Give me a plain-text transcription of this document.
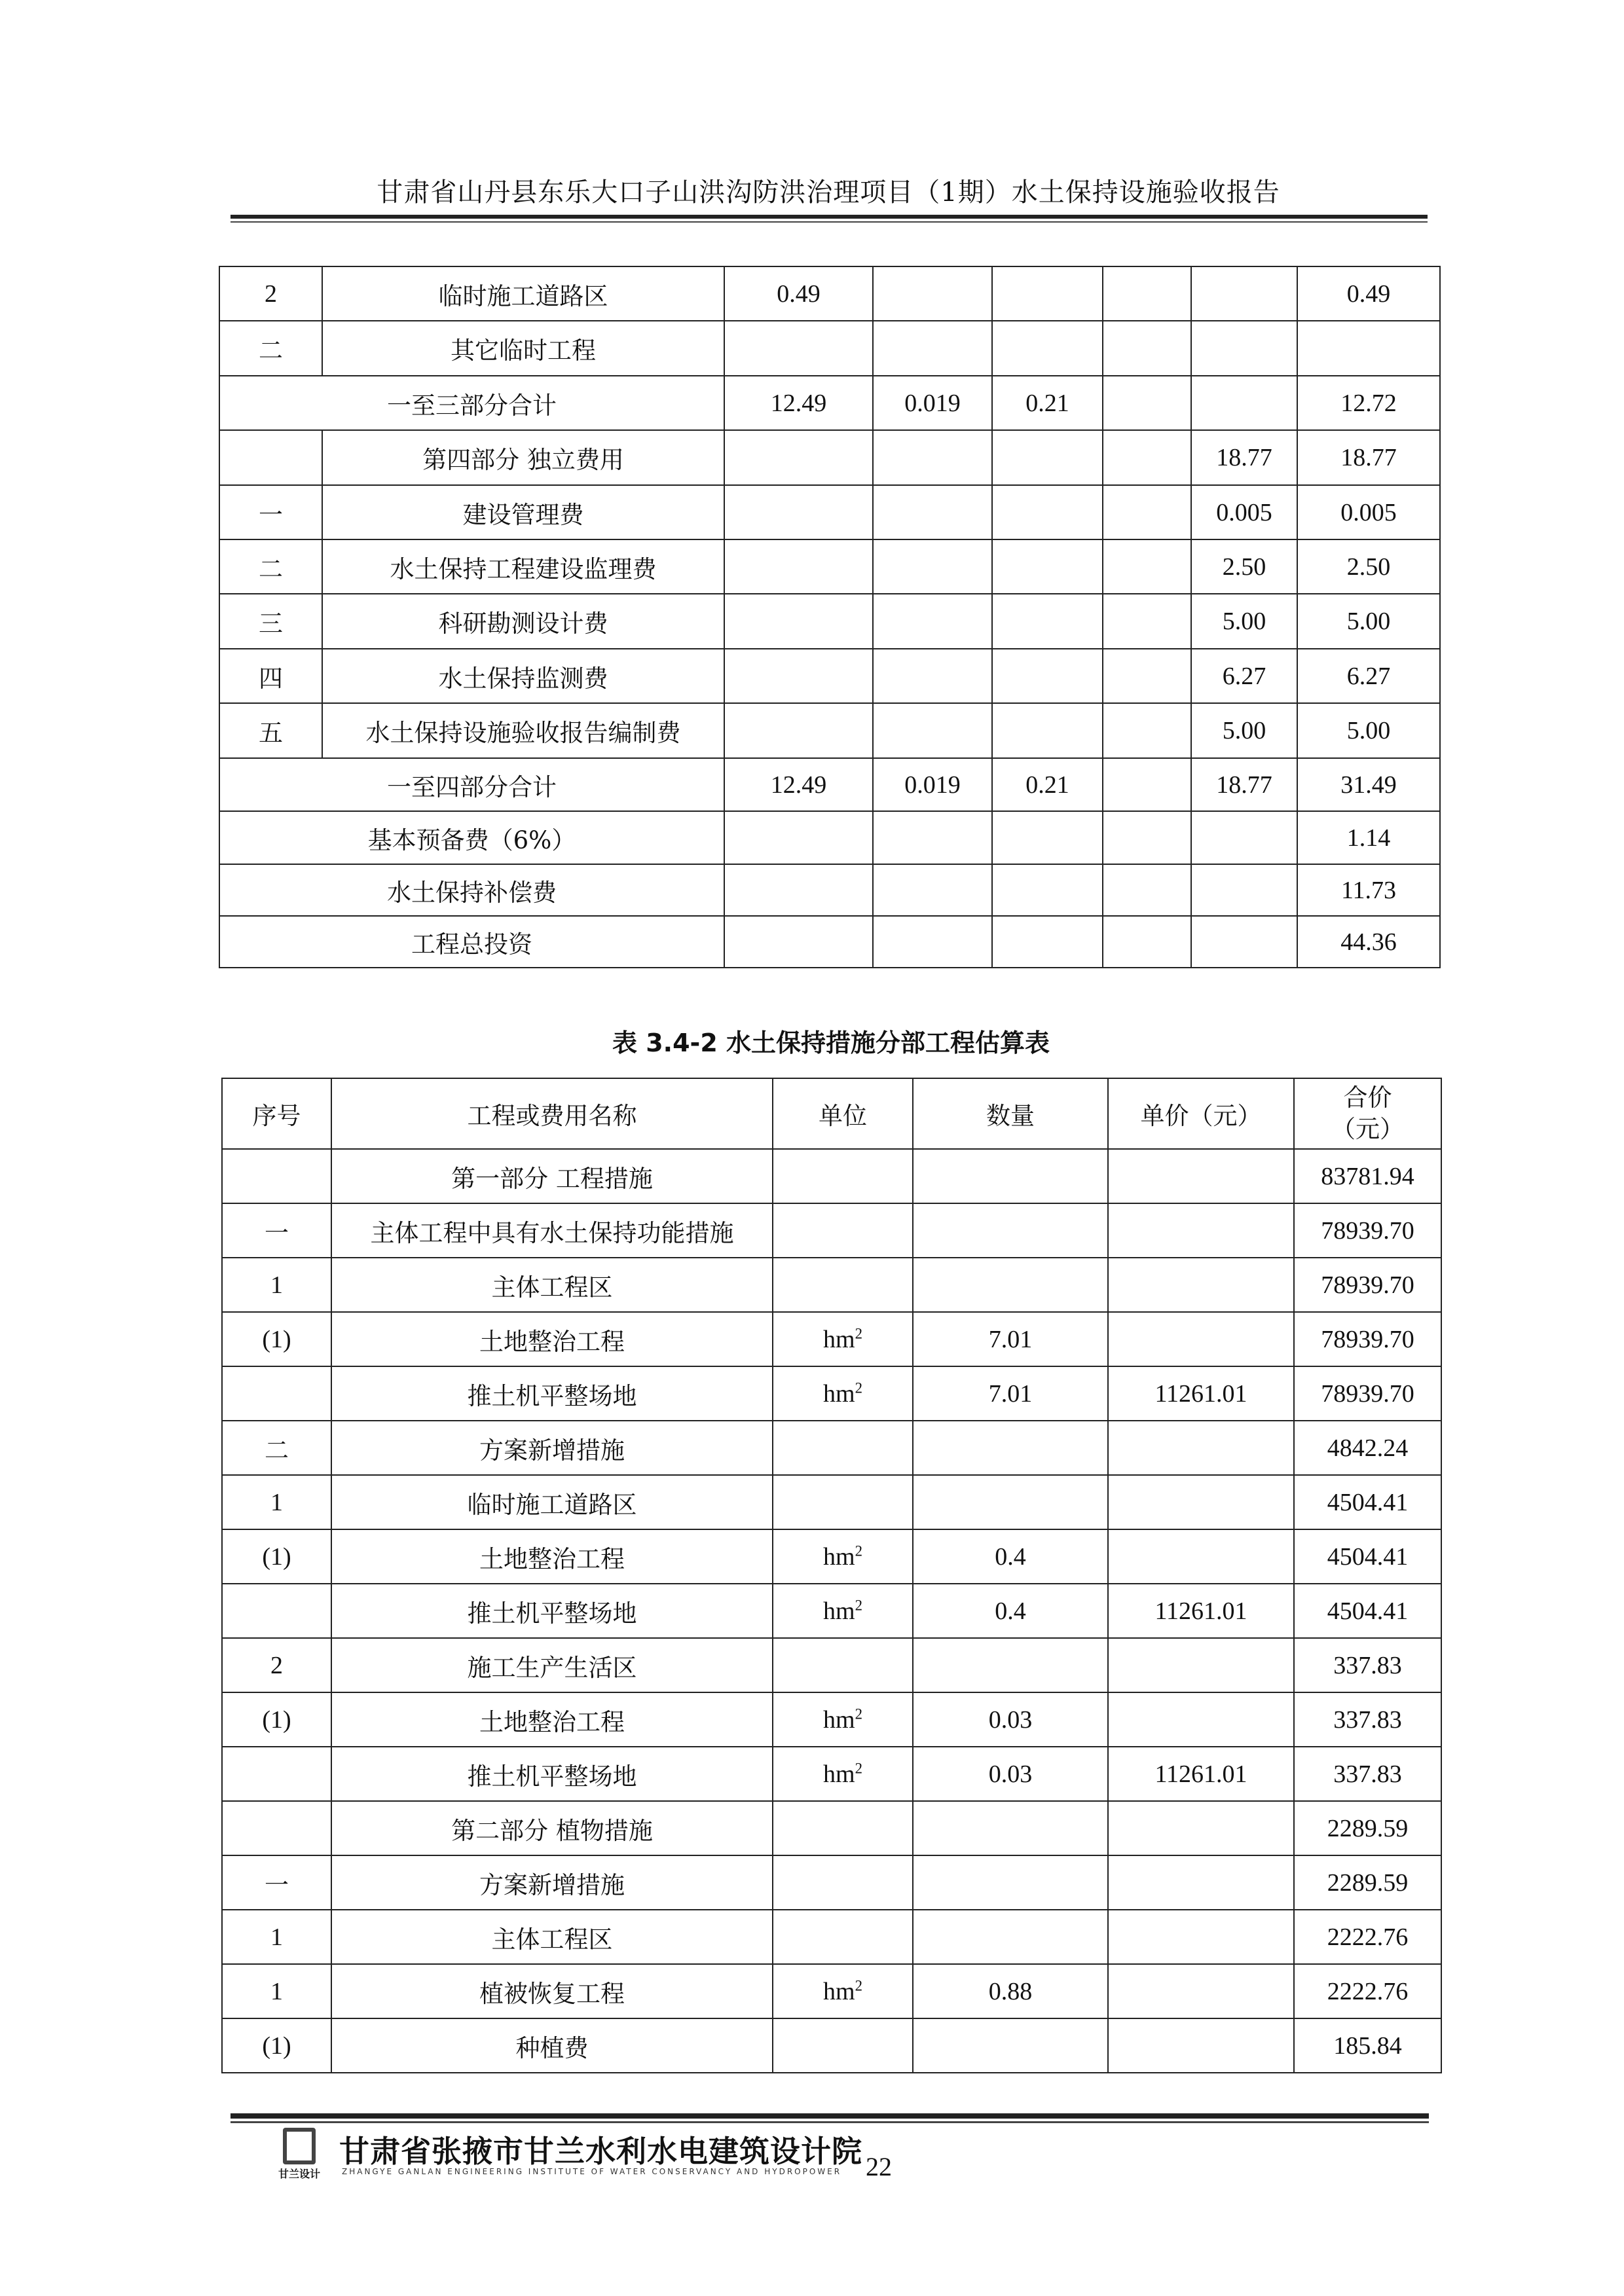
甘肃省山丹县东乐大口子山洪沟防洪治理项目（1期）水土保持设施验收报告
2	临时施工道路区	0.49					0.49
二	其它临时工程						
一至三部分合计		12.49	0.019	0.21			12.72
	第四部分 独立费用					18.77	18.77
一	建设管理费					0.005	0.005
二	水土保持工程建设监理费					2.50	2.50
三	科研勘测设计费					5.00	5.00
四	水土保持监测费					6.27	6.27
五	水土保持设施验收报告编制费					5.00	5.00
一至四部分合计		12.49	0.019	0.21		18.77	31.49
基本预备费（6%）							1.14
水土保持补偿费							11.73
工程总投资							44.36
表 3.4-2 水土保持措施分部工程估算表
序号	工程或费用名称	单位	数量	单价（元）	合价（元）
	第一部分 工程措施				83781.94
一	主体工程中具有水土保持功能措施				78939.70
1	主体工程区				78939.70
(1)	土地整治工程	$hm^2$	7.01		78939.70
	推土机平整场地	$hm^2$	7.01	11261.01	78939.70
二	方案新增措施				4842.24
1	临时施工道路区				4504.41
(1)	土地整治工程	$hm^2$	0.4		4504.41
	推土机平整场地	$hm^2$	0.4	11261.01	4504.41
2	施工生产生活区				337.83
(1)	土地整治工程	$hm^2$	0.03		337.83
	推土机平整场地	$hm^2$	0.03	11261.01	337.83
	第二部分 植物措施				2289.59
一	方案新增措施				2289.59
1	主体工程区				2222.76
1	植被恢复工程	$hm^2$	0.88		2222.76
(1)	种植费				185.84
甘兰设计
甘肃省张掖市甘兰水利水电建筑设计院
ZHANGYE GANLAN ENGINEERING INSTITUTE OF WATER CONSERVANCY AND HYDROPOWER 22
